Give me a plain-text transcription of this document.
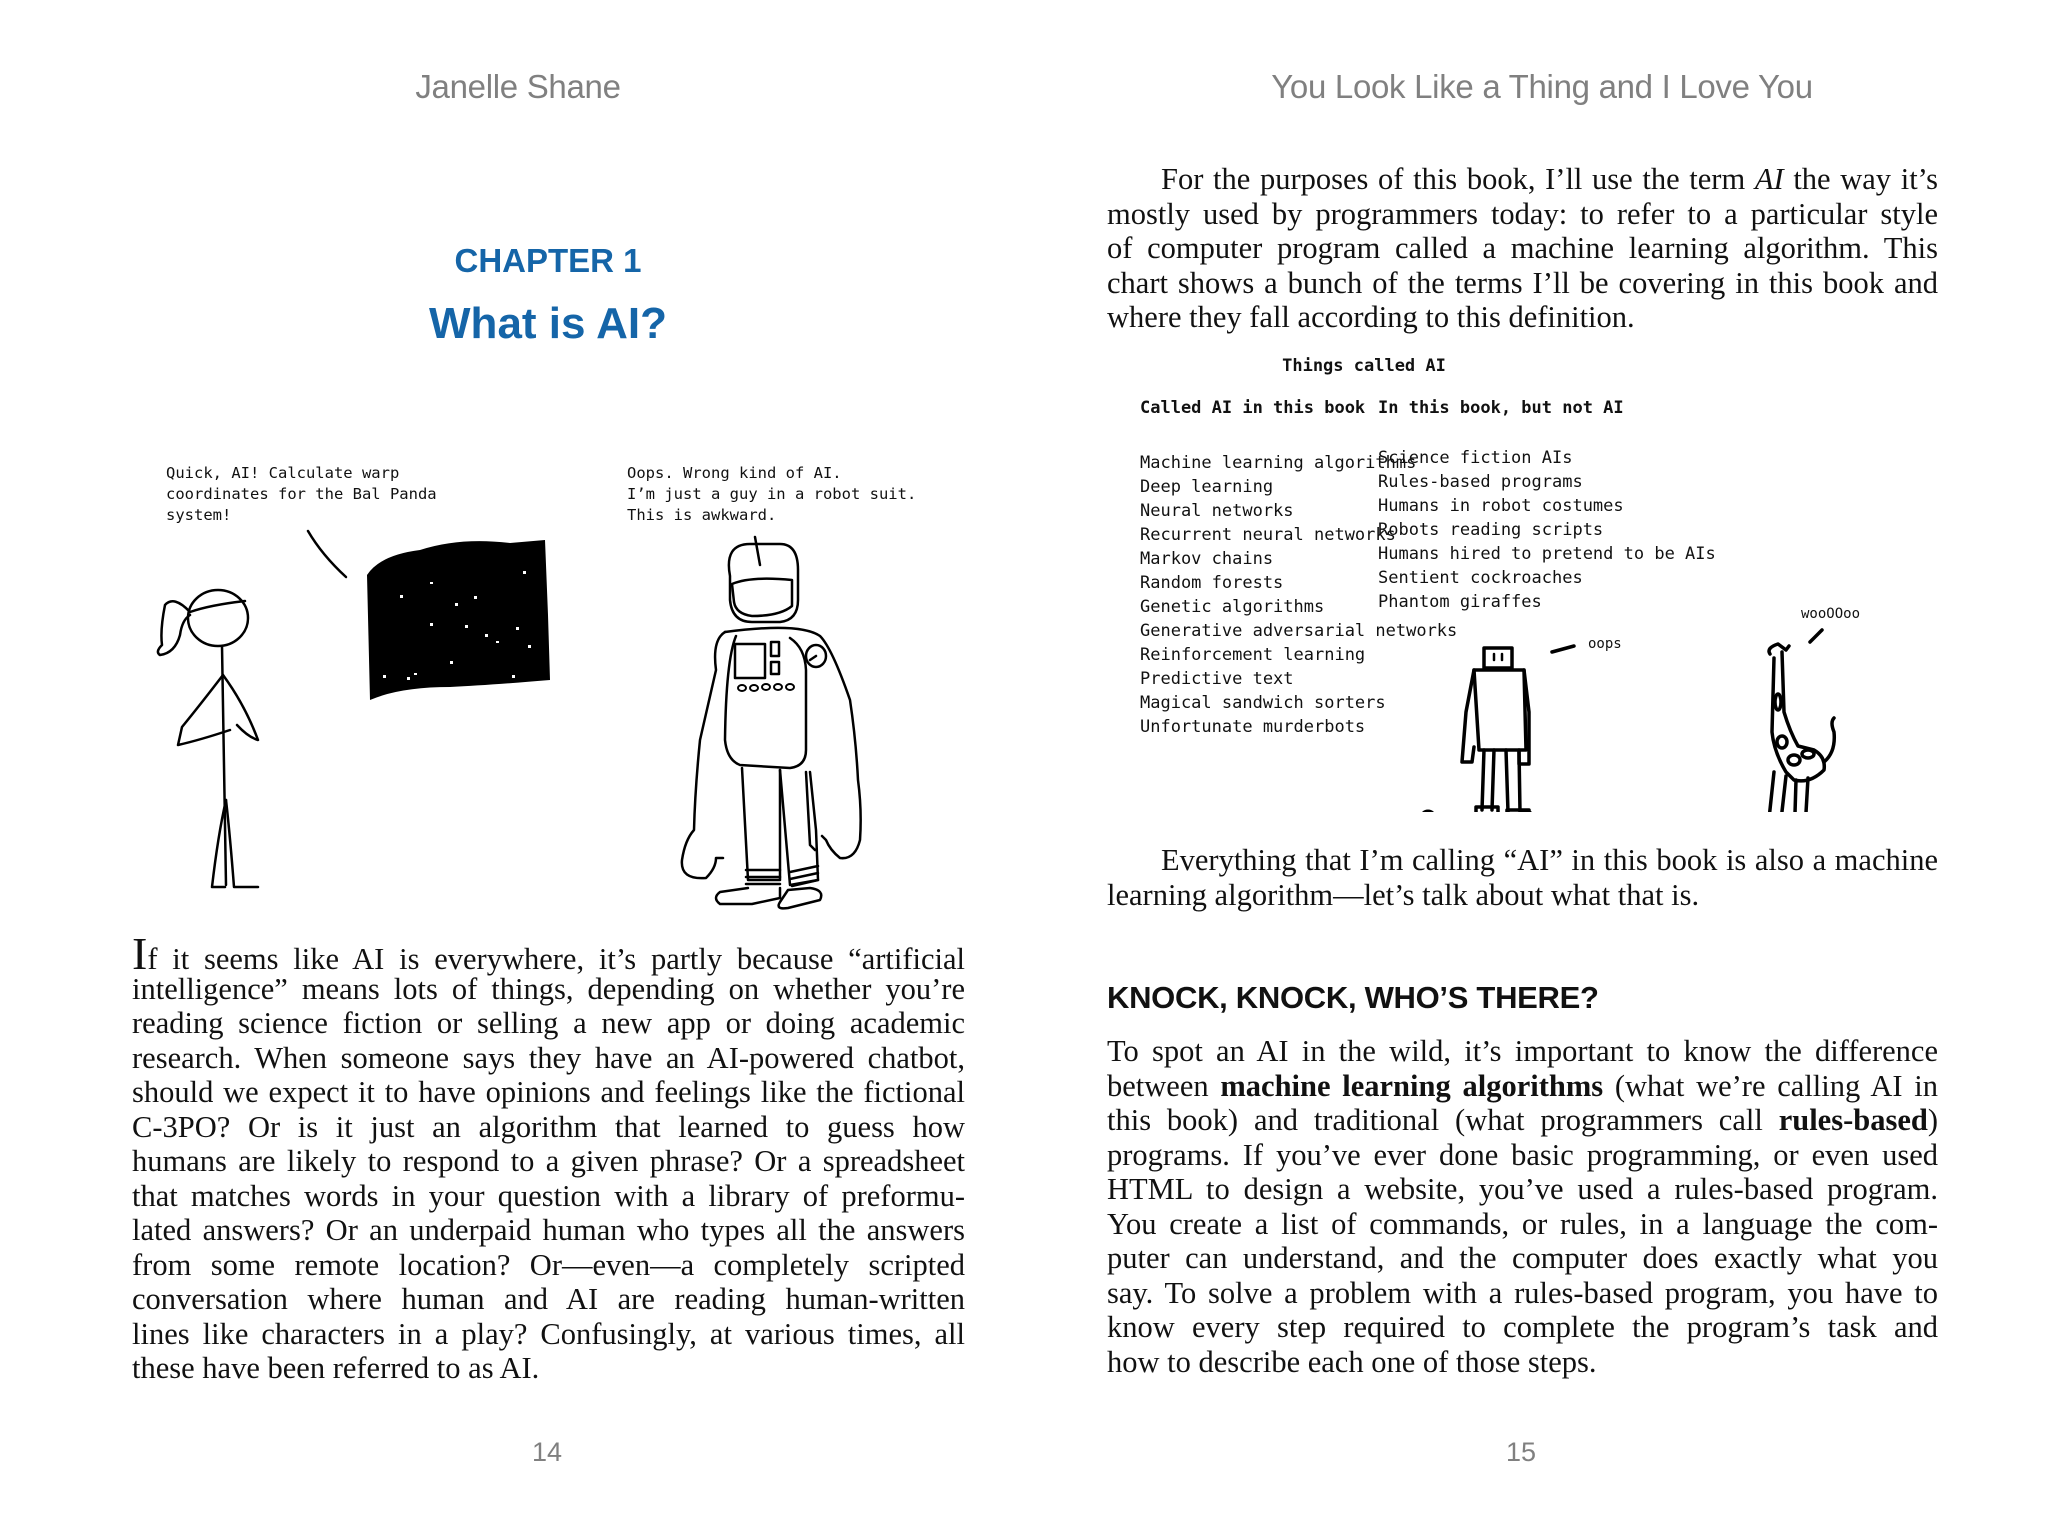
Janelle Shane
CHAPTER 1
What is AI?
Quick, AI! Calculate warp
coordinates for the Bal Panda
system!
Oops. Wrong kind of AI.
I’m just a guy in a robot suit.
This is awkward.
If it seems like AI is everywhere, it’s partly because “artificial
intelligence” means lots of things, depending on whether you’re
reading science fiction or selling a new app or doing academic
research. When someone says they have an AI-powered chatbot,
should we expect it to have opinions and feelings like the fictional
C-3PO? Or is it just an algorithm that learned to guess how
humans are likely to respond to a given phrase? Or a spreadsheet
that matches words in your question with a library of preformu-
lated answers? Or an underpaid human who types all the answers
from some remote location? Or—even—a completely scripted
conversation where human and AI are reading human-written
lines like characters in a play? Confusingly, at various times, all
these have been referred to as AI.
14
You Look Like a Thing and I Love You
For the purposes of this book, I’ll use the term AI the way it’s
mostly used by programmers today: to refer to a particular style
of computer program called a machine learning algorithm. This
chart shows a bunch of the terms I’ll be covering in this book and
where they fall according to this definition.
Things called AI
Called AI in this book In this book, but not AI
Machine learning algorithms
Deep learning
Neural networks
Recurrent neural networks
Markov chains
Random forests
Genetic algorithms
Generative adversarial networks
Reinforcement learning
Predictive text
Magical sandwich sorters
Unfortunate murderbots
Science fiction AIs
Rules-based programs
Humans in robot costumes
Robots reading scripts
Humans hired to pretend to be AIs
Sentient cockroaches
Phantom giraffes
oops
wooOOoo
Everything that I’m calling “AI” in this book is also a machine
learning algorithm—let’s talk about what that is.
KNOCK, KNOCK, WHO’S THERE?
To spot an AI in the wild, it’s important to know the difference
between machine learning algorithms (what we’re calling AI in
this book) and traditional (what programmers call rules-based)
programs. If you’ve ever done basic programming, or even used
HTML to design a website, you’ve used a rules-based program.
You create a list of commands, or rules, in a language the com-
puter can understand, and the computer does exactly what you
say. To solve a problem with a rules-based program, you have to
know every step required to complete the program’s task and
how to describe each one of those steps.
15
